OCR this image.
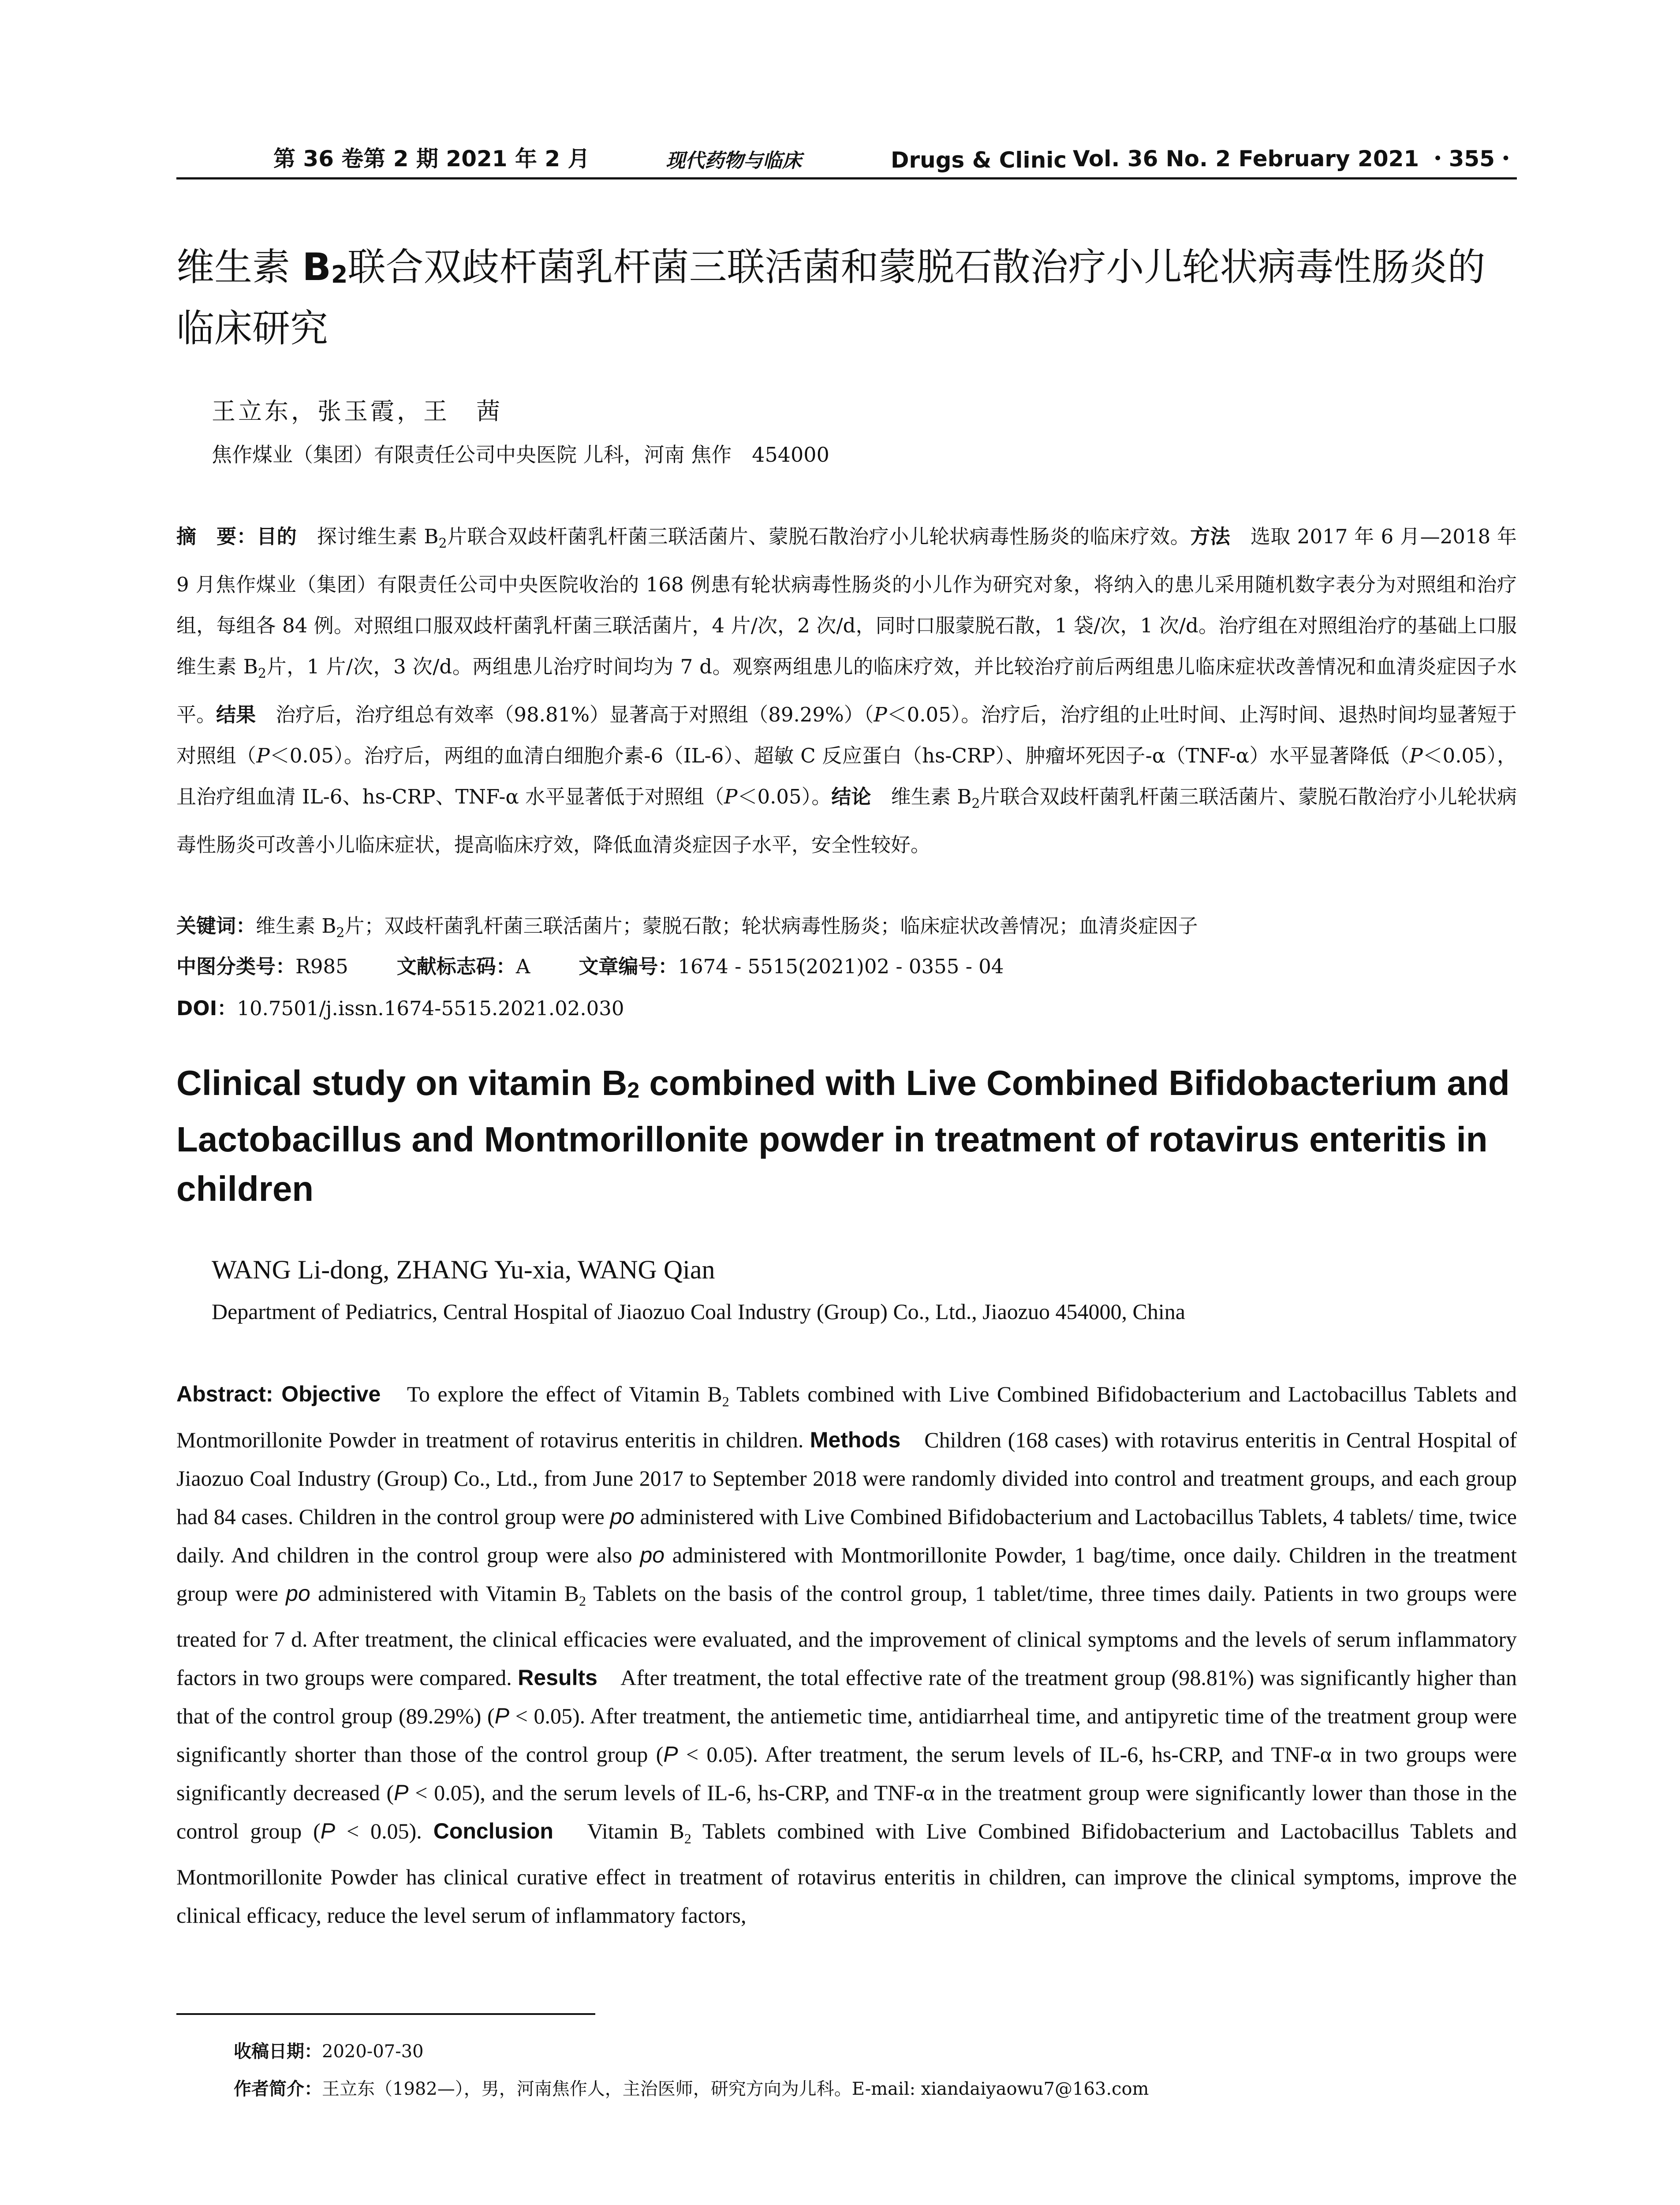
第 36 卷第 2 期 2021 年 2 月	现代药物与临床	Drugs & Clinic Vol. 36 No. 2 February 2021 ・355・
维生素 $B_2$联合双歧杆菌乳杆菌三联活菌和蒙脱石散治疗小儿轮状病毒性肠炎的临床研究
王立东，张玉霞，王　茜
焦作煤业（集团）有限责任公司中央医院 儿科，河南 焦作　454000
摘　要：目的　探讨维生素 $B_2$片联合双歧杆菌乳杆菌三联活菌片、蒙脱石散治疗小儿轮状病毒性肠炎的临床疗效。方法　选取 2017 年 6 月—2018 年 9 月焦作煤业（集团）有限责任公司中央医院收治的 168 例患有轮状病毒性肠炎的小儿作为研究对象，将纳入的患儿采用随机数字表分为对照组和治疗组，每组各 84 例。对照组口服双歧杆菌乳杆菌三联活菌片，4 片/次，2 次/d，同时口服蒙脱石散，1 袋/次，1 次/d。治疗组在对照组治疗的基础上口服维生素 $B_2$片，1 片/次，3 次/d。两组患儿治疗时间均为 7 d。观察两组患儿的临床疗效，并比较治疗前后两组患儿临床症状改善情况和血清炎症因子水平。结果　治疗后，治疗组总有效率（98.81%）显著高于对照组（89.29%）（P＜0.05）。治疗后，治疗组的止吐时间、止泻时间、退热时间均显著短于对照组（P＜0.05）。治疗后，两组的血清白细胞介素-6（IL-6）、超敏 C 反应蛋白（hs-CRP）、肿瘤坏死因子-α（TNF-α）水平显著降低（P＜0.05），且治疗组血清 IL-6、hs-CRP、TNF-α 水平显著低于对照组（P＜0.05）。结论　维生素 $B_2$片联合双歧杆菌乳杆菌三联活菌片、蒙脱石散治疗小儿轮状病毒性肠炎可改善小儿临床症状，提高临床疗效，降低血清炎症因子水平，安全性较好。
关键词：维生素 $B_2$片；双歧杆菌乳杆菌三联活菌片；蒙脱石散；轮状病毒性肠炎；临床症状改善情况；血清炎症因子
中图分类号：R985 文献标志码：A 文章编号：1674 - 5515(2021)02 - 0355 - 04
DOI：10.7501/j.issn.1674-5515.2021.02.030
Clinical study on vitamin $B_2$ combined with Live Combined Bifidobacterium and Lactobacillus and Montmorillonite powder in treatment of rotavirus enteritis in children
WANG Li-dong, ZHANG Yu-xia, WANG Qian
Department of Pediatrics, Central Hospital of Jiaozuo Coal Industry (Group) Co., Ltd., Jiaozuo 454000, China
Abstract: Objective　To explore the effect of Vitamin $B_2$ Tablets combined with Live Combined Bifidobacterium and Lactobacillus Tablets and Montmorillonite Powder in treatment of rotavirus enteritis in children. Methods　Children (168 cases) with rotavirus enteritis in Central Hospital of Jiaozuo Coal Industry (Group) Co., Ltd., from June 2017 to September 2018 were randomly divided into control and treatment groups, and each group had 84 cases. Children in the control group were po administered with Live Combined Bifidobacterium and Lactobacillus Tablets, 4 tablets/ time, twice daily. And children in the control group were also po administered with Montmorillonite Powder, 1 bag/time, once daily. Children in the treatment group were po administered with Vitamin $B_2$ Tablets on the basis of the control group, 1 tablet/time, three times daily. Patients in two groups were treated for 7 d. After treatment, the clinical efficacies were evaluated, and the improvement of clinical symptoms and the levels of serum inflammatory factors in two groups were compared. Results　After treatment, the total effective rate of the treatment group (98.81%) was significantly higher than that of the control group (89.29%) (P < 0.05). After treatment, the antiemetic time, antidiarrheal time, and antipyretic time of the treatment group were significantly shorter than those of the control group (P < 0.05). After treatment, the serum levels of IL-6, hs-CRP, and TNF-α in two groups were significantly decreased (P < 0.05), and the serum levels of IL-6, hs-CRP, and TNF-α in the treatment group were significantly lower than those in the control group (P < 0.05). Conclusion　Vitamin $B_2$ Tablets combined with Live Combined Bifidobacterium and Lactobacillus Tablets and Montmorillonite Powder has clinical curative effect in treatment of rotavirus enteritis in children, can improve the clinical symptoms, improve the clinical efficacy, reduce the level serum of inflammatory factors,
收稿日期：2020-07-30
作者简介：王立东（1982—），男，河南焦作人，主治医师，研究方向为儿科。E-mail: xiandaiyaowu7@163.com
